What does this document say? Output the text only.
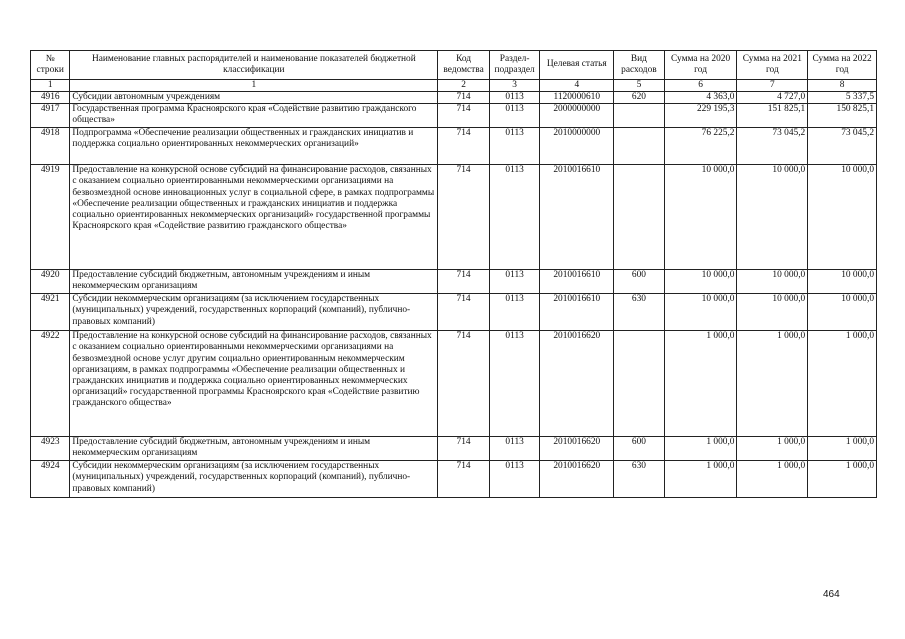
№ строки	Наименование главных распорядителей и наименование показателей бюджетной классификации	Код ведомства	Раздел-подраздел	Целевая статья	Вид расходов	Сумма на 2020 год	Сумма на 2021 год	Сумма на 2022 год
1	1	2	3	4	5	6	7	8
4916	Субсидии автономным учреждениям	714	0113	1120000610	620	4 363,0	4 727,0	5 337,5
4917	Государственная программа Красноярского края «Содействие развитию гражданского общества»	714	0113	2000000000		229 195,3	151 825,1	150 825,1
4918	Подпрограмма «Обеспечение реализации общественных и гражданских инициатив и поддержка социально ориентированных некоммерческих организаций»	714	0113	2010000000		76 225,2	73 045,2	73 045,2
4919	Предоставление на конкурсной основе субсидий на финансирование расходов, связанных с оказанием социально ориентированными некоммерческими организациями на безвозмездной основе инновационных услуг в социальной сфере, в рамках подпрограммы «Обеспечение реализации общественных и гражданских инициатив и поддержка социально ориентированных некоммерческих организаций» государственной программы Красноярского края «Содействие развитию гражданского общества»	714	0113	2010016610		10 000,0	10 000,0	10 000,0
4920	Предоставление субсидий бюджетным, автономным учреждениям и иным некоммерческим организациям	714	0113	2010016610	600	10 000,0	10 000,0	10 000,0
4921	Субсидии некоммерческим организациям (за исключением государственных (муниципальных) учреждений, государственных корпораций (компаний), публично-правовых компаний)	714	0113	2010016610	630	10 000,0	10 000,0	10 000,0
4922	Предоставление на конкурсной основе субсидий на финансирование расходов, связанных с оказанием социально ориентированными некоммерческими организациями на безвозмездной основе услуг другим социально ориентированным некоммерческим организациям, в рамках подпрограммы «Обеспечение реализации общественных и гражданских инициатив и поддержка социально ориентированных некоммерческих организаций» государственной программы Красноярского края «Содействие развитию гражданского общества»	714	0113	2010016620		1 000,0	1 000,0	1 000,0
4923	Предоставление субсидий бюджетным, автономным учреждениям и иным некоммерческим организациям	714	0113	2010016620	600	1 000,0	1 000,0	1 000,0
4924	Субсидии некоммерческим организациям (за исключением государственных (муниципальных) учреждений, государственных корпораций (компаний), публично-правовых компаний)	714	0113	2010016620	630	1 000,0	1 000,0	1 000,0
464
